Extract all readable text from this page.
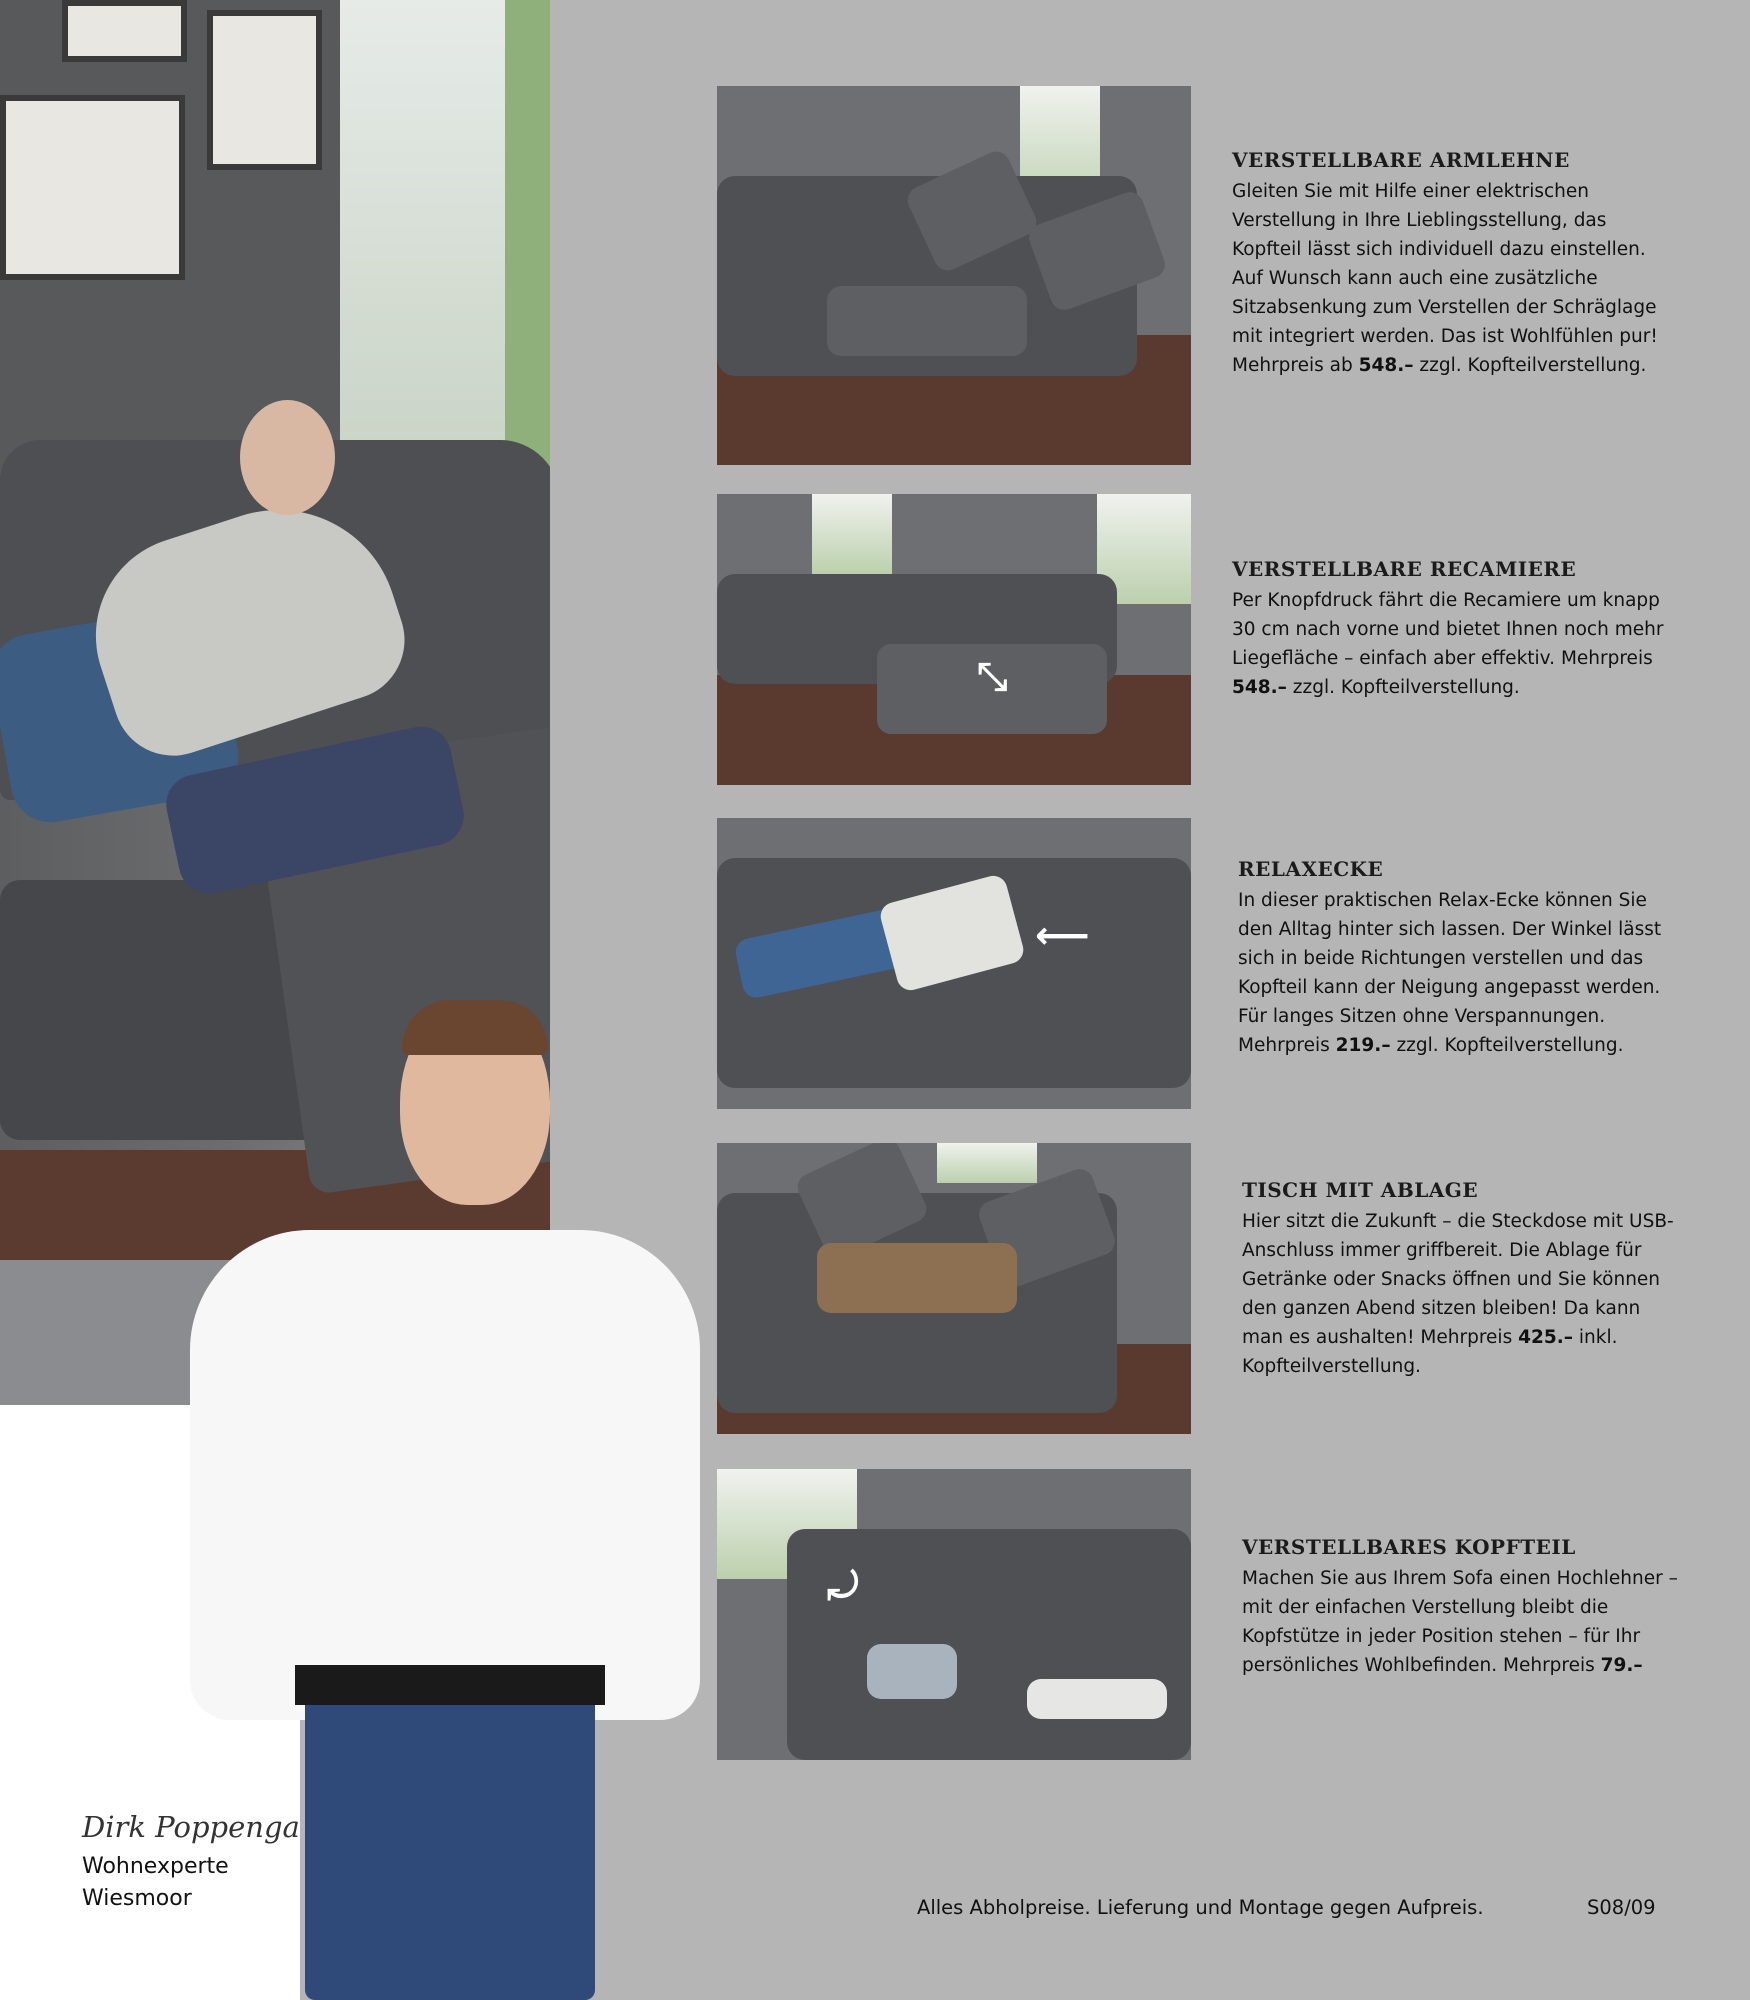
Dirk Poppenga
Wohnexperte
Wiesmoor
⤡
⟵
⤾
VERSTELLBARE ARMLEHNE

Gleiten Sie mit Hilfe einer elektrischen Verstellung in Ihre Lieblingsstellung, das Kopfteil lässt sich individuell dazu einstellen. Auf Wunsch kann auch eine zusätzliche Sitzabsenkung zum Verstellen der Schräglage mit integriert werden. Das ist Wohlfühlen pur! Mehrpreis ab 548.– zzgl. Kopfteilverstellung.

VERSTELLBARE RECAMIERE

Per Knopfdruck fährt die Recamiere um knapp 30 cm nach vorne und bietet Ihnen noch mehr Liegefläche – einfach aber effektiv. Mehrpreis 548.– zzgl. Kopfteilverstellung.

RELAXECKE

In dieser praktischen Relax-Ecke können Sie den Alltag hinter sich lassen. Der Winkel lässt sich in beide Richtungen verstellen und das Kopfteil kann der Neigung angepasst werden. Für langes Sitzen ohne Verspannungen. Mehrpreis 219.– zzgl. Kopfteilverstellung.

TISCH MIT ABLAGE

Hier sitzt die Zukunft – die Steckdose mit USB-Anschluss immer griffbereit. Die Ablage für Getränke oder Snacks öffnen und Sie können den ganzen Abend sitzen bleiben! Da kann man es aushalten! Mehrpreis 425.– inkl. Kopfteilverstellung.

VERSTELLBARES KOPFTEIL

Machen Sie aus Ihrem Sofa einen Hochlehner – mit der einfachen Verstellung bleibt die Kopfstütze in jeder Position stehen – für Ihr persönliches Wohlbefinden. Mehrpreis 79.–

Alles Abholpreise. Lieferung und Montage gegen Aufpreis.	S08/09
